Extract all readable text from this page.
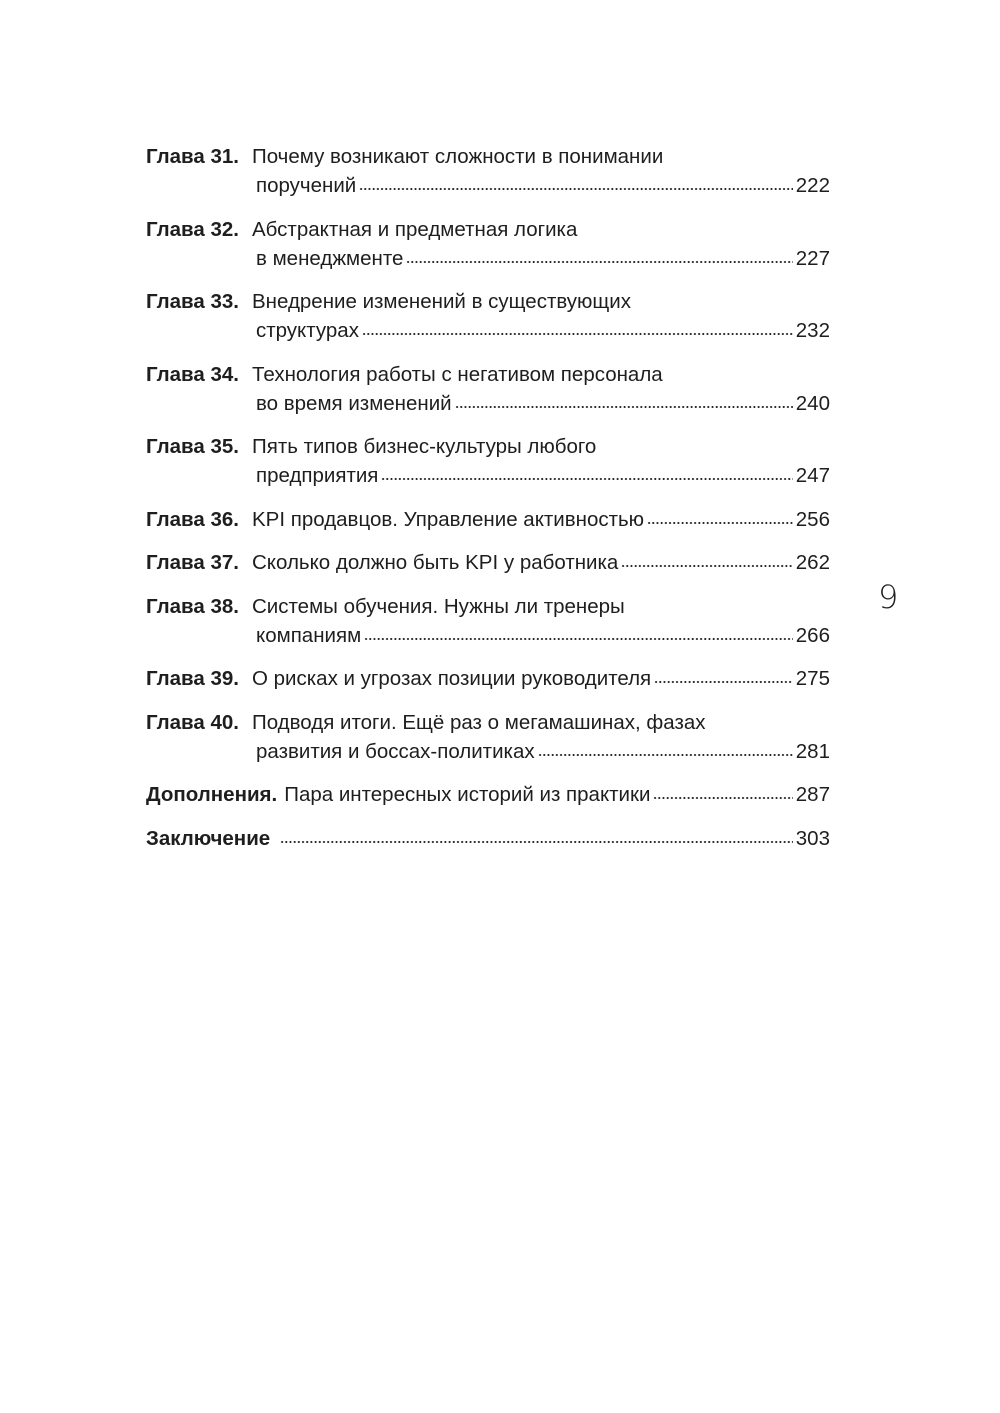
Глава 31. Почему возникают сложности в понимании
поручений	222
Глава 32. Абстрактная и предметная логика
в менеджменте	227
Глава 33. Внедрение изменений в существующих
структурах	232
Глава 34. Технология работы с негативом персонала
во время изменений	240
Глава 35. Пять типов бизнес-культуры любого
предприятия	247
Глава 36. KPI продавцов. Управление активностью	256
Глава 37. Сколько должно быть KPI у работника	262
Глава 38. Системы обучения. Нужны ли тренеры
компаниям	266
Глава 39. О рисках и угрозах позиции руководителя	275
Глава 40. Подводя итоги. Ещё раз о мегамашинах, фазах
развития и боссах-политиках	281
Дополнения. Пара интересных историй из практики	287
Заключение	303
9
